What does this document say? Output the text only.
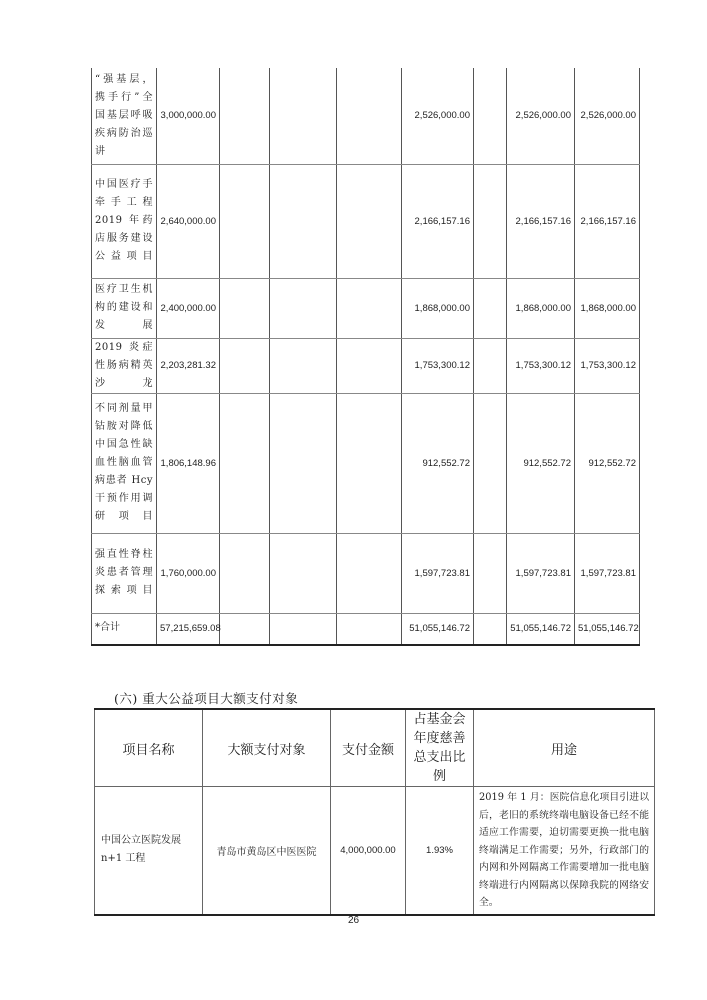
“强基层，携手行”全国基层呼吸疾病防治巡讲	3,000,000.00				2,526,000.00		2,526,000.00	2,526,000.00
中国医疗手牵手工程 2019 年药店服务建设公益项目	2,640,000.00				2,166,157.16		2,166,157.16	2,166,157.16
医疗卫生机构的建设和发展	2,400,000.00				1,868,000.00		1,868,000.00	1,868,000.00
2019 炎症性肠病精英沙龙	2,203,281.32				1,753,300.12		1,753,300.12	1,753,300.12
不同剂量甲钴胺对降低中国急性缺血性脑血管病患者 Hcy 干预作用调研项目	1,806,148.96				912,552.72		912,552.72	912,552.72
强直性脊柱炎患者管理探索项目	1,760,000.00				1,597,723.81		1,597,723.81	1,597,723.81
*合计	57,215,659.08				51,055,146.72		51,055,146.72	51,055,146.72
(六) 重大公益项目大额支付对象
项目名称	大额支付对象	支付金额	占基金会年度慈善总支出比例	用途
中国公立医院发展 n+1 工程	青岛市黄岛区中医医院	4,000,000.00	1.93%	2019 年 1 月：医院信息化项目引进以后，老旧的系统终端电脑设备已经不能适应工作需要，迫切需要更换一批电脑终端满足工作需要；另外，行政部门的内网和外网隔离工作需要增加一批电脑终端进行内网隔离以保障我院的网络安全。
26
